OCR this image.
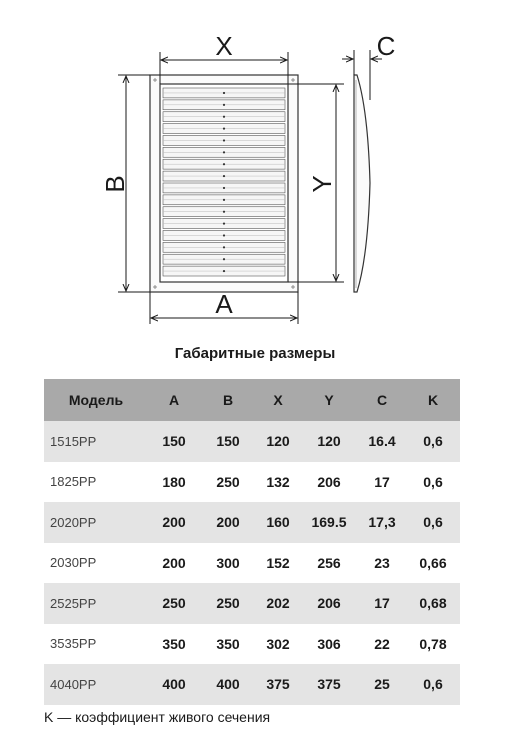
X
B	Y
A
C
Габаритные размеры
Модель	A	B	X	Y	C	K
1515PP	150	150	120	120	16.4	0,6
1825PP	180	250	132	206	17	0,6
2020PP	200	200	160	169.5	17,3	0,6
2030PP	200	300	152	256	23	0,66
2525PP	250	250	202	206	17	0,68
3535PP	350	350	302	306	22	0,78
4040PP	400	400	375	375	25	0,6
K — коэффициент живого сечения
